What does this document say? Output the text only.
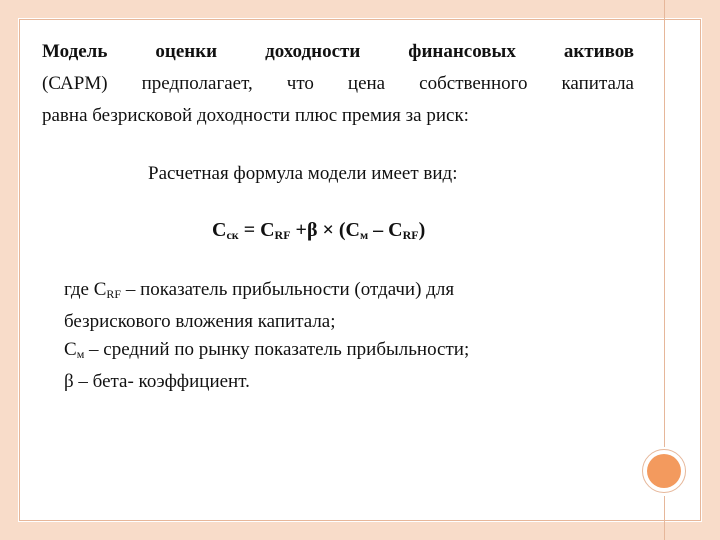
Модель оценки доходности финансовых активов
(САРМ) предполагает, что цена собственного капитала
равна безрисковой доходности плюс премия за риск:
Расчетная формула модели имеет вид:
$С_{ск} = С_{RF} +\beta \times (С_м - С_{RF})$
где $С_{RF}$ – показатель прибыльности (отдачи) для
безрискового вложения капитала;
$С_м$ – средний по рынку показатель прибыльности;
β – бета- коэффициент.
